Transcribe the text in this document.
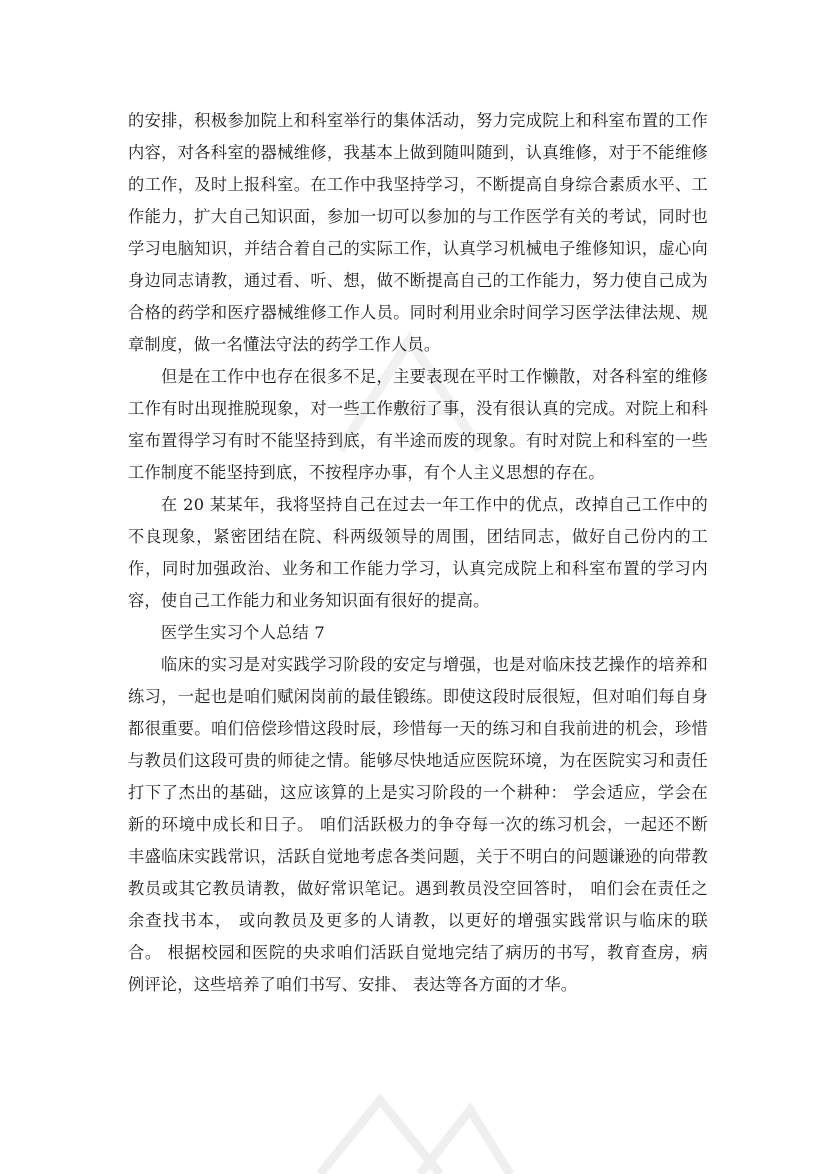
的安排，积极参加院上和科室举行的集体活动，努力完成院上和科室布置的工作内容，对各科室的器械维修，我基本上做到随叫随到，认真维修，对于不能维修的工作，及时上报科室。在工作中我坚持学习，不断提高自身综合素质水平、工作能力，扩大自己知识面，参加一切可以参加的与工作医学有关的考试，同时也学习电脑知识，并结合着自己的实际工作，认真学习机械电子维修知识，虚心向身边同志请教，通过看、听、想，做不断提高自己的工作能力，努力使自己成为合格的药学和医疗器械维修工作人员。同时利用业余时间学习医学法律法规、规章制度，做一名懂法守法的药学工作人员。

但是在工作中也存在很多不足，主要表现在平时工作懒散，对各科室的维修工作有时出现推脱现象，对一些工作敷衍了事，没有很认真的完成。对院上和科室布置得学习有时不能坚持到底，有半途而废的现象。有时对院上和科室的一些工作制度不能坚持到底，不按程序办事，有个人主义思想的存在。

在 20 某某年，我将坚持自己在过去一年工作中的优点，改掉自己工作中的不良现象，紧密团结在院、科两级领导的周围，团结同志，做好自己份内的工作，同时加强政治、业务和工作能力学习，认真完成院上和科室布置的学习内容，使自己工作能力和业务知识面有很好的提高。

医学生实习个人总结 7

临床的实习是对实践学习阶段的安定与增强，也是对临床技艺操作的培养和练习，一起也是咱们赋闲岗前的最佳锻练。即使这段时辰很短，但对咱们每自身都很重要。咱们倍偿珍惜这段时辰，珍惜每一天的练习和自我前进的机会，珍惜与教员们这段可贵的师徒之情。能够尽快地适应医院环境，为在医院实习和责任打下了杰出的基础，这应该算的上是实习阶段的一个耕种： 学会适应，学会在新的环境中成长和日子。 咱们活跃极力的争夺每一次的练习机会，一起还不断丰盛临床实践常识，活跃自觉地考虑各类问题，关于不明白的问题谦逊的向带教教员或其它教员请教，做好常识笔记。遇到教员没空回答时， 咱们会在责任之余查找书本， 或向教员及更多的人请教，以更好的增强实践常识与临床的联合。 根据校园和医院的央求咱们活跃自觉地完结了病历的书写，教育查房，病例评论，这些培养了咱们书写、安排、 表达等各方面的才华。
